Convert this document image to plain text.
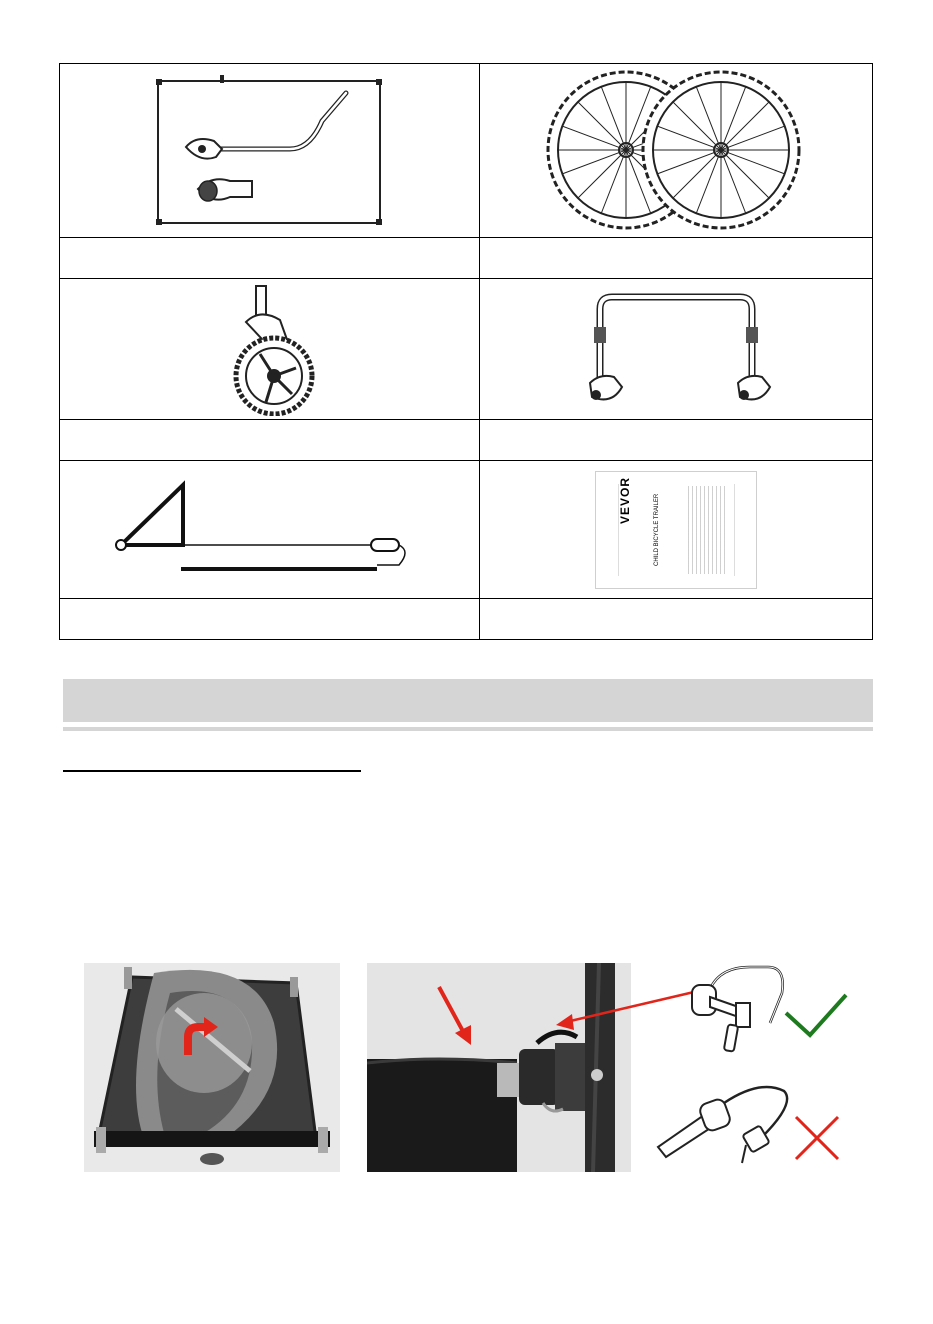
VEVOR CHILD BICYCLE TRAILER
